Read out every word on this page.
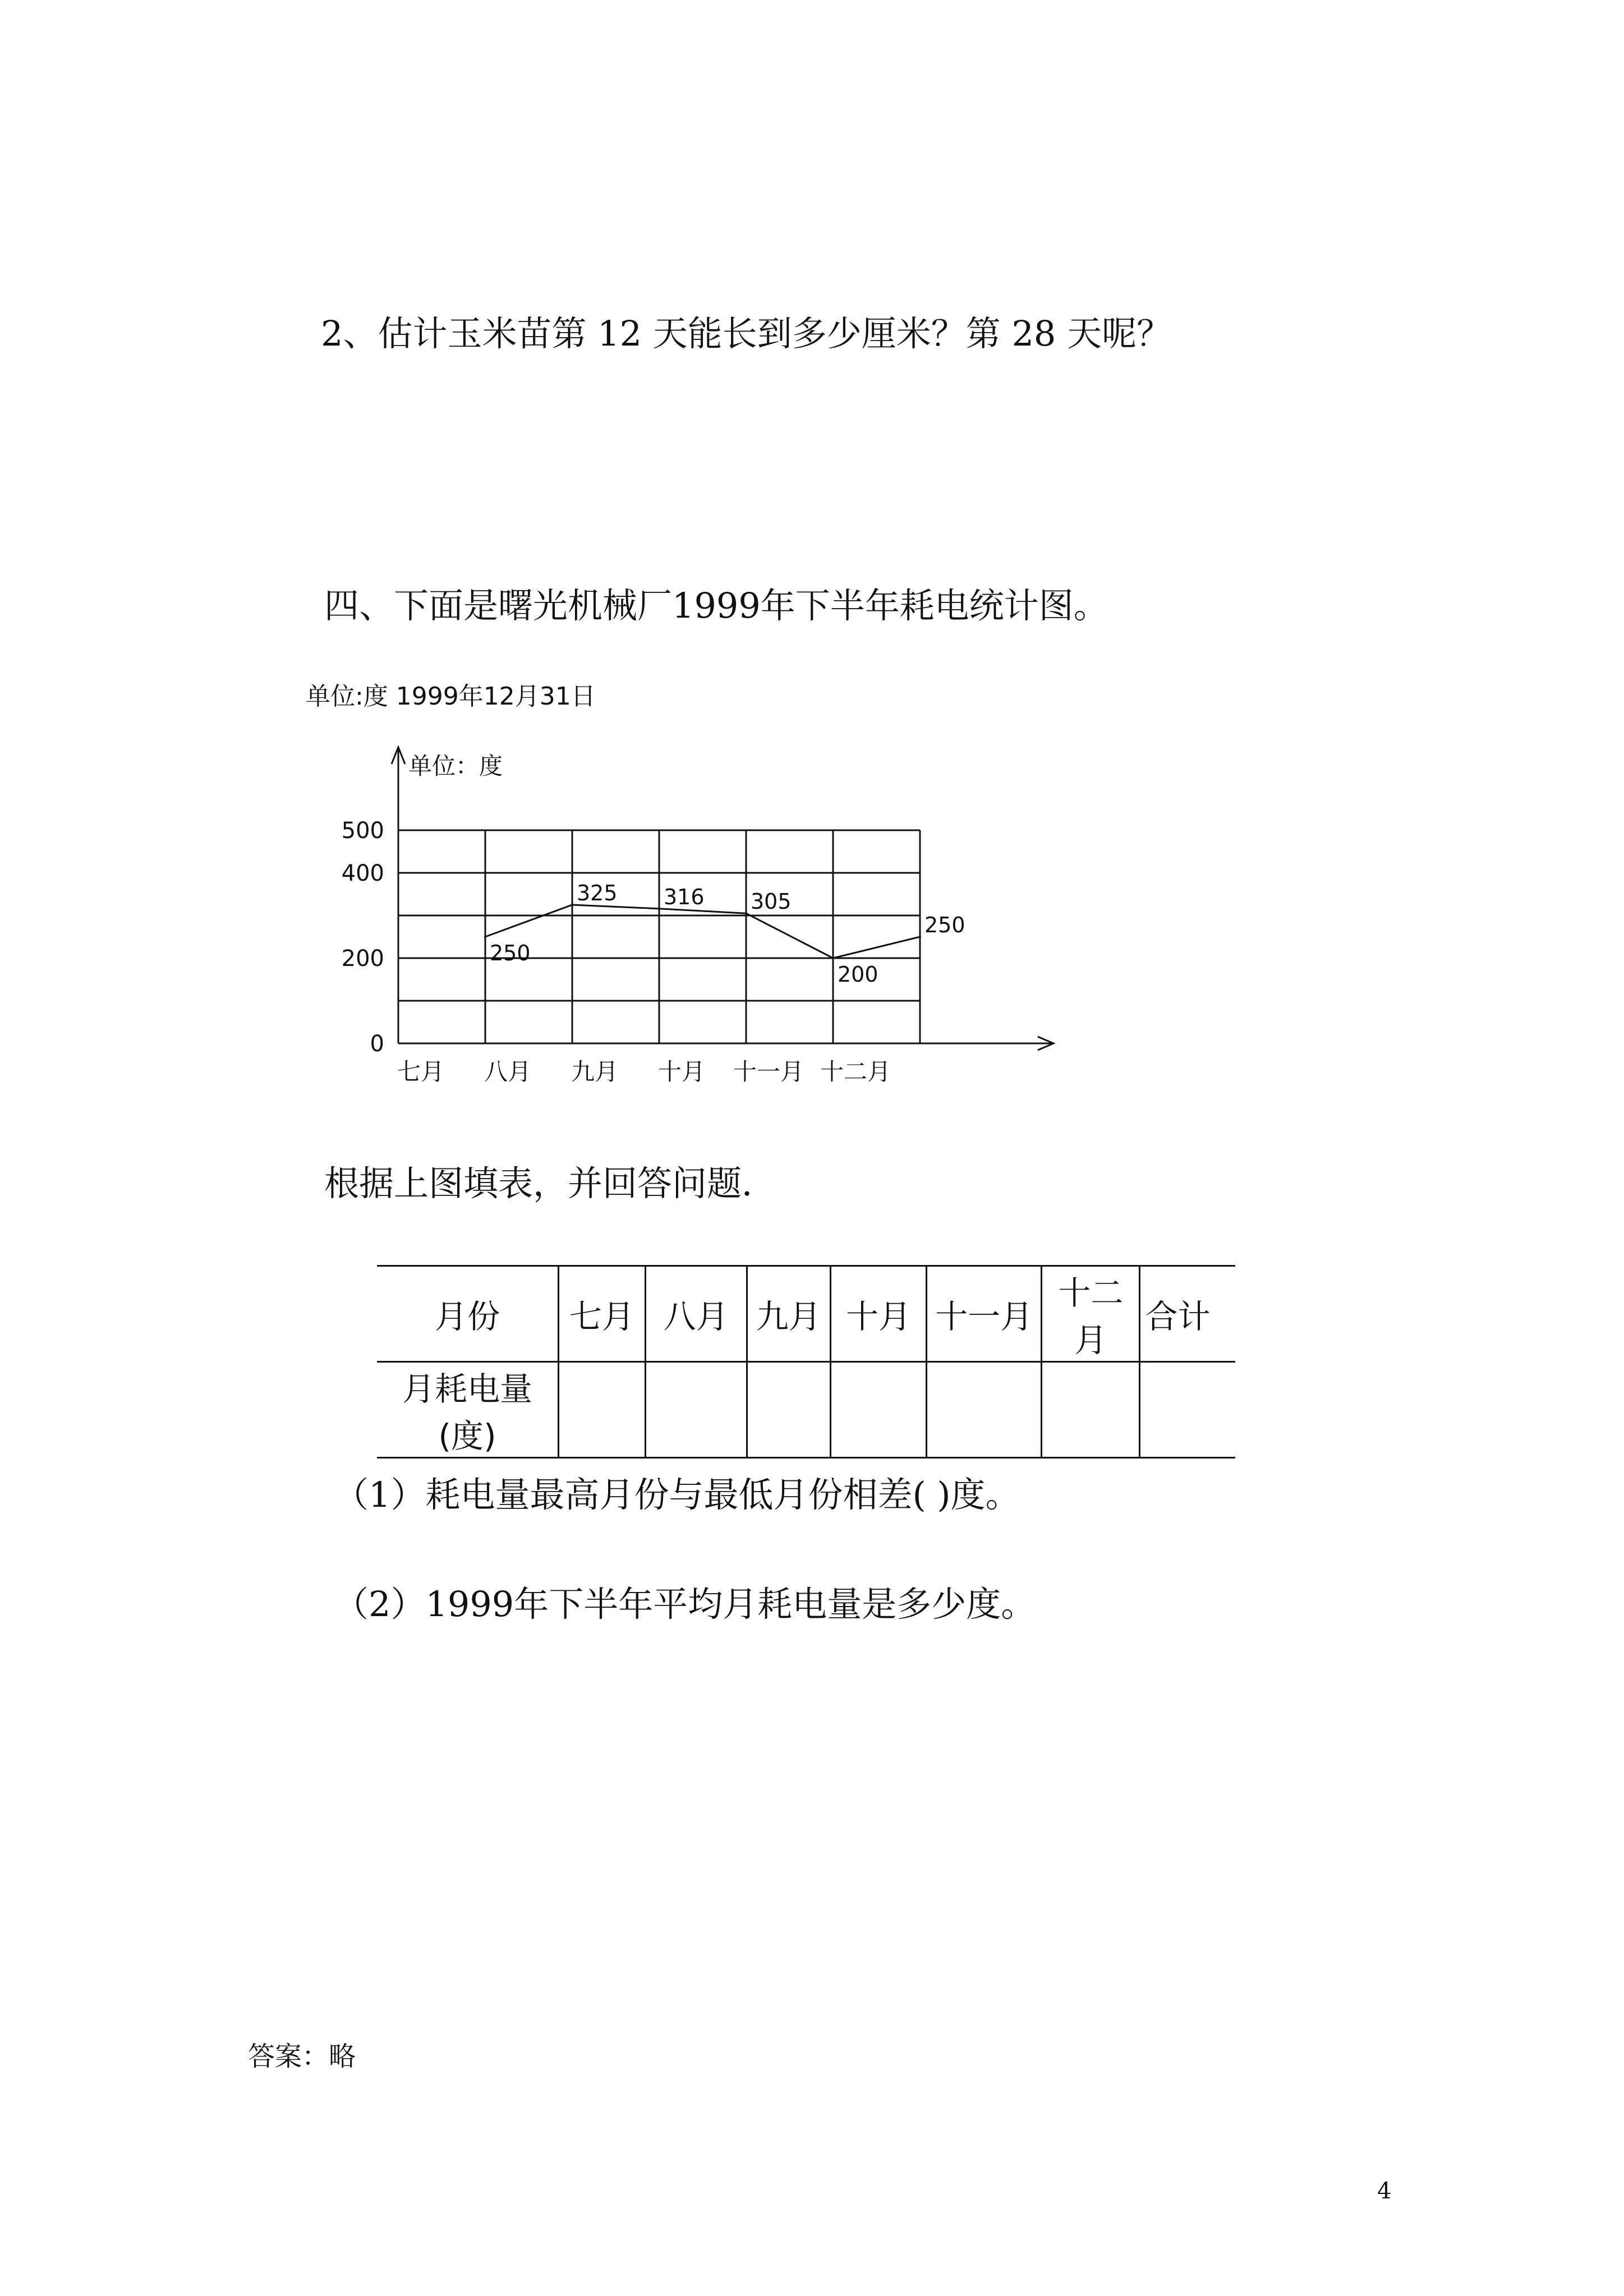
2、估计玉米苗第 12 天能长到多少厘米？第 28 天呢？
四、下面是曙光机械厂1999年下半年耗电统计图。
单位:度 1999年12月31日
单位：度
0
200
400
500
七月 八月 九月 十月 十一月 十二月
250
325 316 305
200
250
根据上图填表，并回答问题．
月份	七月	八月	九月	十月	十一月	十二月	合计
月耗电量(度)							
（1）耗电量最高月份与最低月份相差( )度。
（2）1999年下半年平均月耗电量是多少度。
答案：略
4
